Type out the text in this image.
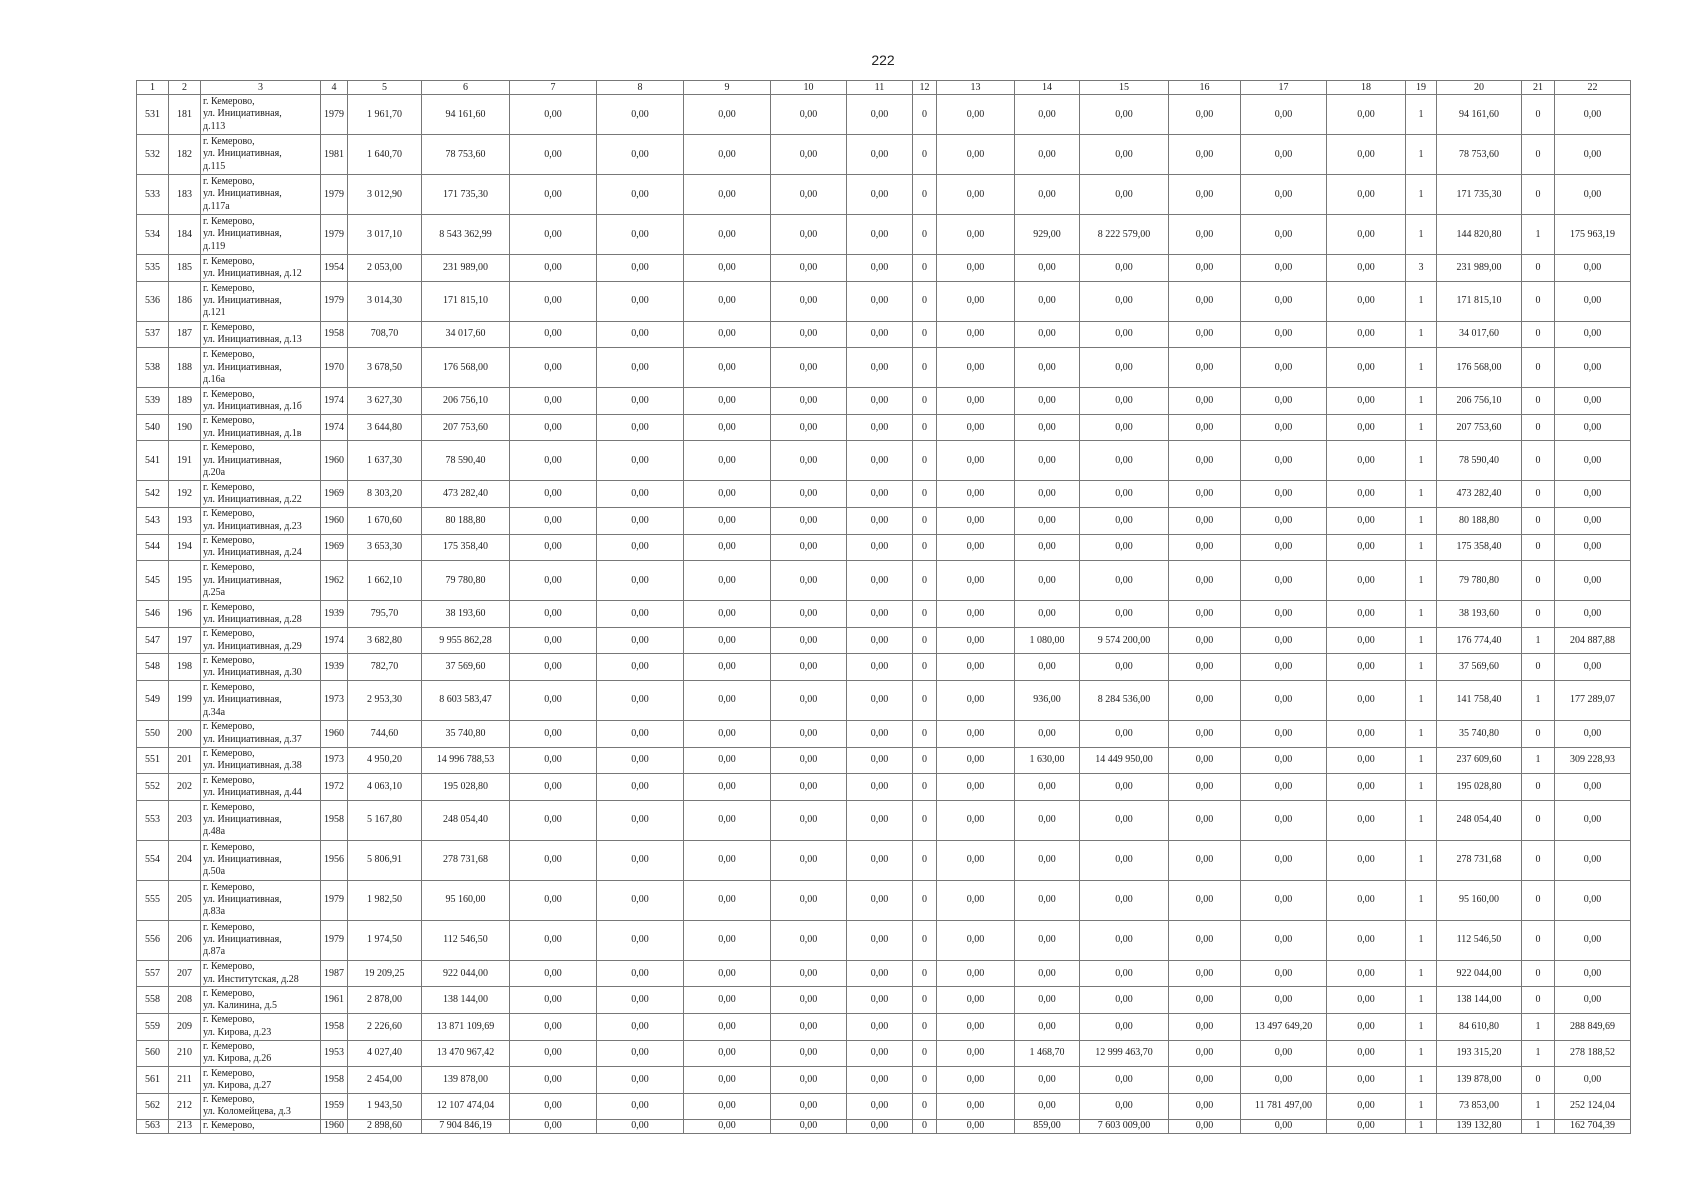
222
1	2	3	4	5	6	7	8	9	10	11	12	13	14	15	16	17	18	19	20	21	22
531	181	г. Кемерово,
ул. Инициативная,
д.113	1979	1 961,70	94 161,60	0,00	0,00	0,00	0,00	0,00	0	0,00	0,00	0,00	0,00	0,00	0,00	1	94 161,60	0	0,00
532	182	г. Кемерово,
ул. Инициативная,
д.115	1981	1 640,70	78 753,60	0,00	0,00	0,00	0,00	0,00	0	0,00	0,00	0,00	0,00	0,00	0,00	1	78 753,60	0	0,00
533	183	г. Кемерово,
ул. Инициативная,
д.117а	1979	3 012,90	171 735,30	0,00	0,00	0,00	0,00	0,00	0	0,00	0,00	0,00	0,00	0,00	0,00	1	171 735,30	0	0,00
534	184	г. Кемерово,
ул. Инициативная,
д.119	1979	3 017,10	8 543 362,99	0,00	0,00	0,00	0,00	0,00	0	0,00	929,00	8 222 579,00	0,00	0,00	0,00	1	144 820,80	1	175 963,19
535	185	г. Кемерово,
ул. Инициативная, д.12	1954	2 053,00	231 989,00	0,00	0,00	0,00	0,00	0,00	0	0,00	0,00	0,00	0,00	0,00	0,00	3	231 989,00	0	0,00
536	186	г. Кемерово,
ул. Инициативная,
д.121	1979	3 014,30	171 815,10	0,00	0,00	0,00	0,00	0,00	0	0,00	0,00	0,00	0,00	0,00	0,00	1	171 815,10	0	0,00
537	187	г. Кемерово,
ул. Инициативная, д.13	1958	708,70	34 017,60	0,00	0,00	0,00	0,00	0,00	0	0,00	0,00	0,00	0,00	0,00	0,00	1	34 017,60	0	0,00
538	188	г. Кемерово,
ул. Инициативная,
д.16а	1970	3 678,50	176 568,00	0,00	0,00	0,00	0,00	0,00	0	0,00	0,00	0,00	0,00	0,00	0,00	1	176 568,00	0	0,00
539	189	г. Кемерово,
ул. Инициативная, д.1б	1974	3 627,30	206 756,10	0,00	0,00	0,00	0,00	0,00	0	0,00	0,00	0,00	0,00	0,00	0,00	1	206 756,10	0	0,00
540	190	г. Кемерово,
ул. Инициативная, д.1в	1974	3 644,80	207 753,60	0,00	0,00	0,00	0,00	0,00	0	0,00	0,00	0,00	0,00	0,00	0,00	1	207 753,60	0	0,00
541	191	г. Кемерово,
ул. Инициативная,
д.20а	1960	1 637,30	78 590,40	0,00	0,00	0,00	0,00	0,00	0	0,00	0,00	0,00	0,00	0,00	0,00	1	78 590,40	0	0,00
542	192	г. Кемерово,
ул. Инициативная, д.22	1969	8 303,20	473 282,40	0,00	0,00	0,00	0,00	0,00	0	0,00	0,00	0,00	0,00	0,00	0,00	1	473 282,40	0	0,00
543	193	г. Кемерово,
ул. Инициативная, д.23	1960	1 670,60	80 188,80	0,00	0,00	0,00	0,00	0,00	0	0,00	0,00	0,00	0,00	0,00	0,00	1	80 188,80	0	0,00
544	194	г. Кемерово,
ул. Инициативная, д.24	1969	3 653,30	175 358,40	0,00	0,00	0,00	0,00	0,00	0	0,00	0,00	0,00	0,00	0,00	0,00	1	175 358,40	0	0,00
545	195	г. Кемерово,
ул. Инициативная,
д.25а	1962	1 662,10	79 780,80	0,00	0,00	0,00	0,00	0,00	0	0,00	0,00	0,00	0,00	0,00	0,00	1	79 780,80	0	0,00
546	196	г. Кемерово,
ул. Инициативная, д.28	1939	795,70	38 193,60	0,00	0,00	0,00	0,00	0,00	0	0,00	0,00	0,00	0,00	0,00	0,00	1	38 193,60	0	0,00
547	197	г. Кемерово,
ул. Инициативная, д.29	1974	3 682,80	9 955 862,28	0,00	0,00	0,00	0,00	0,00	0	0,00	1 080,00	9 574 200,00	0,00	0,00	0,00	1	176 774,40	1	204 887,88
548	198	г. Кемерово,
ул. Инициативная, д.30	1939	782,70	37 569,60	0,00	0,00	0,00	0,00	0,00	0	0,00	0,00	0,00	0,00	0,00	0,00	1	37 569,60	0	0,00
549	199	г. Кемерово,
ул. Инициативная,
д.34а	1973	2 953,30	8 603 583,47	0,00	0,00	0,00	0,00	0,00	0	0,00	936,00	8 284 536,00	0,00	0,00	0,00	1	141 758,40	1	177 289,07
550	200	г. Кемерово,
ул. Инициативная, д.37	1960	744,60	35 740,80	0,00	0,00	0,00	0,00	0,00	0	0,00	0,00	0,00	0,00	0,00	0,00	1	35 740,80	0	0,00
551	201	г. Кемерово,
ул. Инициативная, д.38	1973	4 950,20	14 996 788,53	0,00	0,00	0,00	0,00	0,00	0	0,00	1 630,00	14 449 950,00	0,00	0,00	0,00	1	237 609,60	1	309 228,93
552	202	г. Кемерово,
ул. Инициативная, д.44	1972	4 063,10	195 028,80	0,00	0,00	0,00	0,00	0,00	0	0,00	0,00	0,00	0,00	0,00	0,00	1	195 028,80	0	0,00
553	203	г. Кемерово,
ул. Инициативная,
д.48а	1958	5 167,80	248 054,40	0,00	0,00	0,00	0,00	0,00	0	0,00	0,00	0,00	0,00	0,00	0,00	1	248 054,40	0	0,00
554	204	г. Кемерово,
ул. Инициативная,
д.50а	1956	5 806,91	278 731,68	0,00	0,00	0,00	0,00	0,00	0	0,00	0,00	0,00	0,00	0,00	0,00	1	278 731,68	0	0,00
555	205	г. Кемерово,
ул. Инициативная,
д.83а	1979	1 982,50	95 160,00	0,00	0,00	0,00	0,00	0,00	0	0,00	0,00	0,00	0,00	0,00	0,00	1	95 160,00	0	0,00
556	206	г. Кемерово,
ул. Инициативная,
д.87а	1979	1 974,50	112 546,50	0,00	0,00	0,00	0,00	0,00	0	0,00	0,00	0,00	0,00	0,00	0,00	1	112 546,50	0	0,00
557	207	г. Кемерово,
ул. Институтская, д.28	1987	19 209,25	922 044,00	0,00	0,00	0,00	0,00	0,00	0	0,00	0,00	0,00	0,00	0,00	0,00	1	922 044,00	0	0,00
558	208	г. Кемерово,
ул. Калинина, д.5	1961	2 878,00	138 144,00	0,00	0,00	0,00	0,00	0,00	0	0,00	0,00	0,00	0,00	0,00	0,00	1	138 144,00	0	0,00
559	209	г. Кемерово,
ул. Кирова, д.23	1958	2 226,60	13 871 109,69	0,00	0,00	0,00	0,00	0,00	0	0,00	0,00	0,00	0,00	13 497 649,20	0,00	1	84 610,80	1	288 849,69
560	210	г. Кемерово,
ул. Кирова, д.26	1953	4 027,40	13 470 967,42	0,00	0,00	0,00	0,00	0,00	0	0,00	1 468,70	12 999 463,70	0,00	0,00	0,00	1	193 315,20	1	278 188,52
561	211	г. Кемерово,
ул. Кирова, д.27	1958	2 454,00	139 878,00	0,00	0,00	0,00	0,00	0,00	0	0,00	0,00	0,00	0,00	0,00	0,00	1	139 878,00	0	0,00
562	212	г. Кемерово,
ул. Коломейцева, д.3	1959	1 943,50	12 107 474,04	0,00	0,00	0,00	0,00	0,00	0	0,00	0,00	0,00	0,00	11 781 497,00	0,00	1	73 853,00	1	252 124,04
563	213	г. Кемерово,	1960	2 898,60	7 904 846,19	0,00	0,00	0,00	0,00	0,00	0	0,00	859,00	7 603 009,00	0,00	0,00	0,00	1	139 132,80	1	162 704,39
